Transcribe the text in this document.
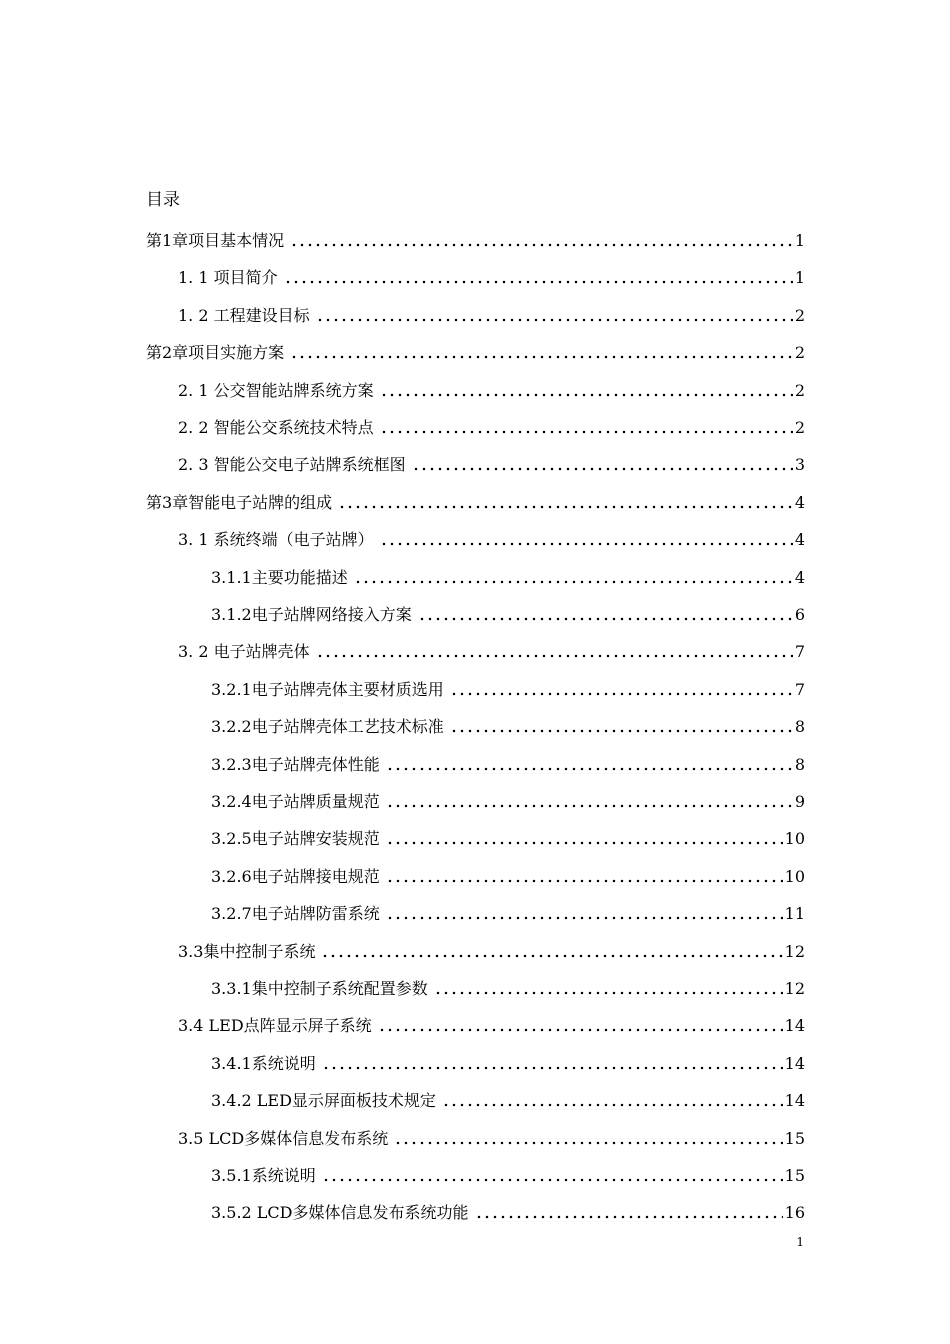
目录
第1章项目基本情况	1
1. 1 项目简介	1
1. 2 工程建设目标	2
第2章项目实施方案	2
2. 1 公交智能站牌系统方案	2
2. 2 智能公交系统技术特点	2
2. 3 智能公交电子站牌系统框图	3
第3章智能电子站牌的组成	4
3. 1 系统终端（电子站牌）	4
3.1.1主要功能描述	4
3.1.2电子站牌网络接入方案	6
3. 2 电子站牌壳体	7
3.2.1电子站牌壳体主要材质选用	7
3.2.2电子站牌壳体工艺技术标准	8
3.2.3电子站牌壳体性能	8
3.2.4电子站牌质量规范	9
3.2.5电子站牌安装规范	10
3.2.6电子站牌接电规范	10
3.2.7电子站牌防雷系统	11
3.3集中控制子系统	12
3.3.1集中控制子系统配置参数	12
3.4 LED点阵显示屏子系统	14
3.4.1系统说明	14
3.4.2 LED显示屏面板技术规定	14
3.5 LCD多媒体信息发布系统	15
3.5.1系统说明	15
3.5.2 LCD多媒体信息发布系统功能	16
1
